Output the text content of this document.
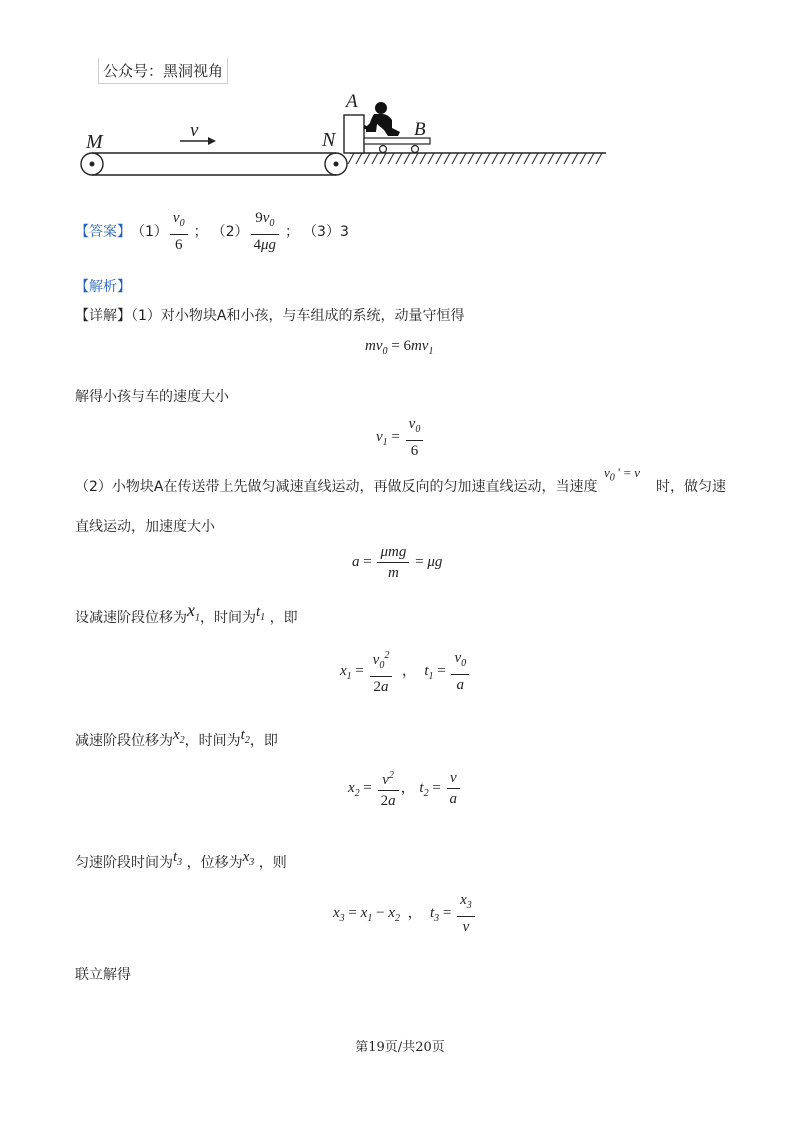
公众号：黑洞视角
M
v	N
A
B
【答案】 $(1) \frac{v_0}{6}$ ； $(2) \frac{9v_0}{4\mu g}$ ； （3）3
【解析】
【详解】（1）对小物块A和小孩，与车组成的系统，动量守恒得
$mv_0 = 6mv_1$
解得小孩与车的速度大小
$v_1 = \frac{v_0}{6}$
（2）小物块A在传送带上先做匀减速直线运动，再做反向的匀加速直线运动，当速度
$v_0$ ' = v
时，做匀速
直线运动，加速度大小
$a = \frac{\text{μmg}}{m} = \mu g$
设减速阶段位移为$x_1$，时间为$t_1$ ，即
$x_1 = \frac{v_0^2}{2a}$ ，  $t_1 = \frac{v_0}{a}$
减速阶段位移为$x_2$，时间为$t_2$，即
$x_2 = \frac{v^2}{2a}$ ， $t_2 = \frac{v}{a}$
匀速阶段时间为$t_3$ ，位移为$x_3$ ，则
$x_3 = x_1 - x_2$  ，  $t_3 = \frac{x_3}{v}$
联立解得
第19页/共20页
